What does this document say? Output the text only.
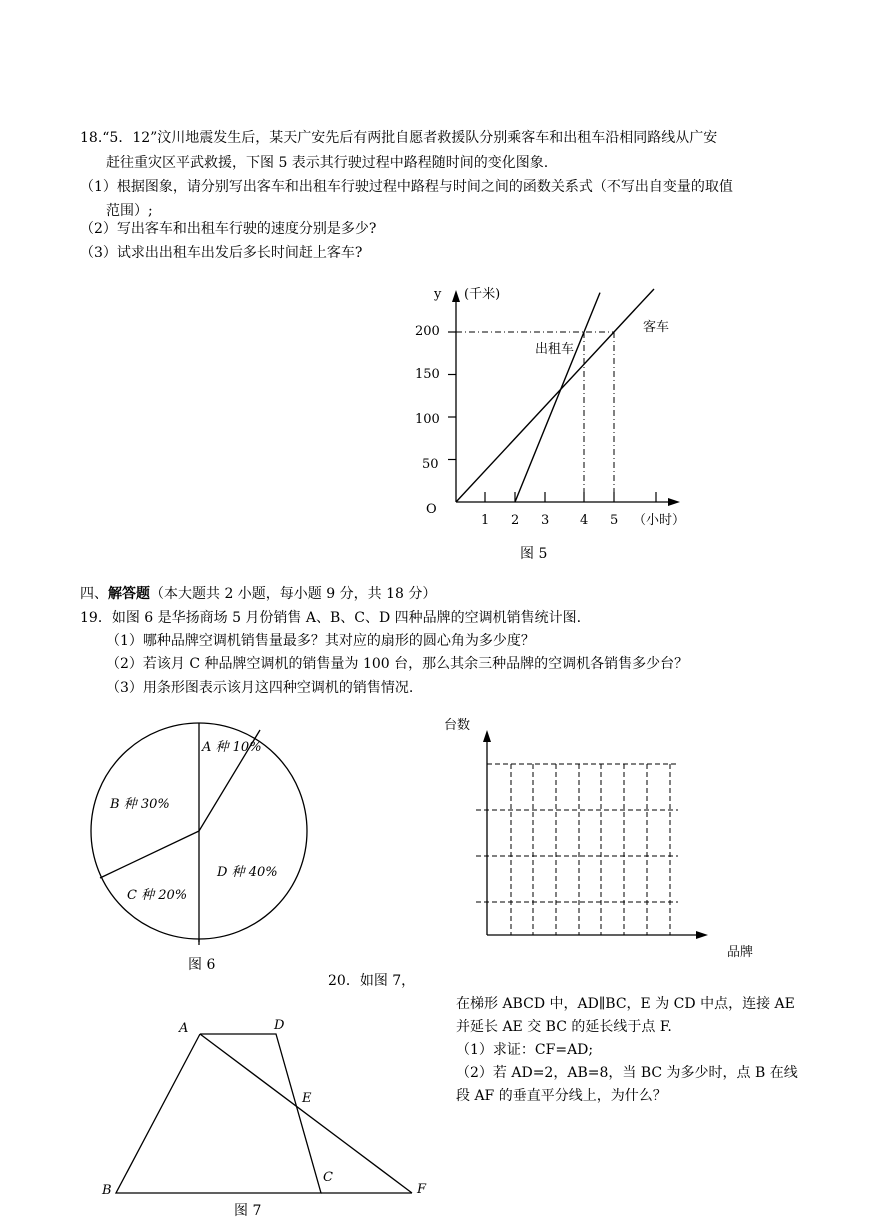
18.“5．12”汶川地震发生后，某天广安先后有两批自愿者救援队分别乘客车和出租车沿相同路线从广安
赶往重灾区平武救援，下图 5 表示其行驶过程中路程随时间的变化图象.
（1）根据图象，请分别写出客车和出租车行驶过程中路程与时间之间的函数关系式（不写出自变量的取值
范围）;
（2）写出客车和出租车行驶的速度分别是多少?
（3）试求出出租车出发后多长时间赶上客车?
y (千米)
O
（小时）
客车
出租车
200
150
100
50
1 2 3 4 5
图 5
四、解答题（本大题共 2 小题，每小题 9 分，共 18 分）
19．如图 6 是华扬商场 5 月份销售 A、B、C、D 四种品牌的空调机销售统计图.
（1）哪种品牌空调机销售量最多？其对应的扇形的圆心角为多少度？
（2）若该月 C 种品牌空调机的销售量为 100 台，那么其余三种品牌的空调机各销售多少台？
（3）用条形图表示该月这四种空调机的销售情况.
A 种 10%
B 种 30%
C 种 20%
D 种 40%
图 6
台数
品牌
20．如图 7，
在梯形 ABCD 中，AD∥BC，E 为 CD 中点，连接 AE
并延长 AE 交 BC 的延长线于点 F.
（1）求证：CF=AD;
（2）若 AD=2，AB=8，当 BC 为多少时，点 B 在线
段 AF 的垂直平分线上，为什么？
A	D
E
C
B	F
图 7
